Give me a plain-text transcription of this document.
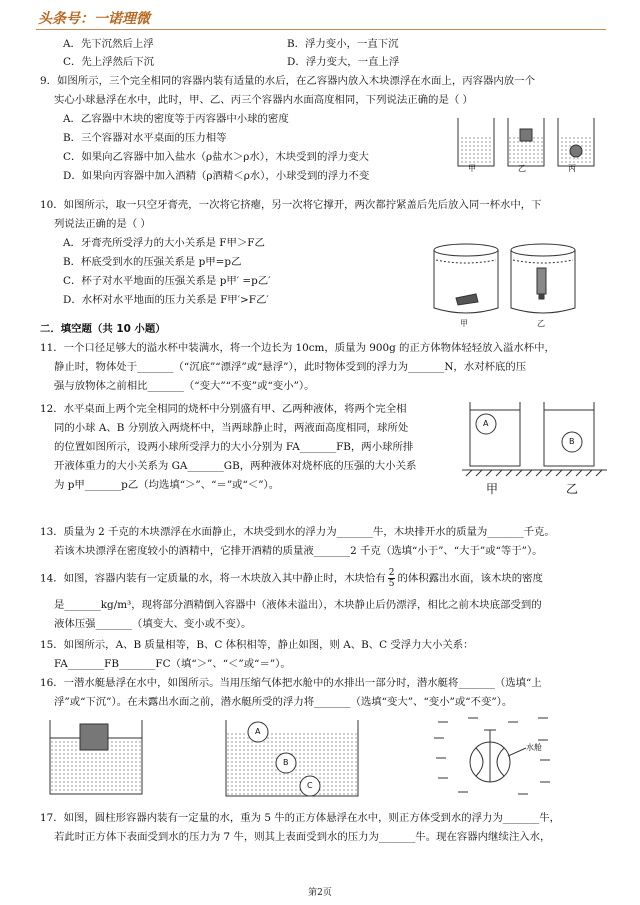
头条号：一诺理微
A．先下沉然后上浮	B．浮力变小，一直下沉
C．先上浮然后下沉	D．浮力变大，一直上浮
9．如图所示，三个完全相同的容器内装有适量的水后，在乙容器内放入木块漂浮在水面上，丙容器内放一个
实心小球悬浮在水中，此时，甲、乙、丙三个容器内水面高度相同，下列说法正确的是（ ）
A．乙容器中木块的密度等于丙容器中小球的密度
B．三个容器对水平桌面的压力相等
C．如果向乙容器中加入盐水（ρ盐水＞ρ水），木块受到的浮力变大
D．如果向丙容器中加入酒精（ρ酒精＜ρ水），小球受到的浮力不变
甲	乙	丙
10．如图所示，取一只空牙膏壳，一次将它挤瘪，另一次将它撑开，两次都拧紧盖后先后放入同一杯水中，下
列说法正确的是（ ）
A．牙膏壳所受浮力的大小关系是 F甲＞F乙
B．杯底受到水的压强关系是 p甲=p乙
C．杯子对水平地面的压强关系是 p甲′ =p乙′
D．水杯对水平地面的压力关系是 F甲′>F乙′
甲	乙
二．填空题（共 10 小题）
11．一个口径足够大的溢水杯中装满水，将一个边长为 10cm，质量为 900g 的正方体物体轻轻放入溢水杯中，
静止时，物体处于_______（“沉底”“漂浮”或“悬浮”），此时物体受到的浮力为_______N，水对杯底的压
强与放物体之前相比_______（“变大”“不变”或“变小”）。
12．水平桌面上两个完全相同的烧杯中分别盛有甲、乙两种液体，将两个完全相
同的小球 A、B 分别放入两烧杯中，当两球静止时，两液面高度相同，球所处
的位置如图所示，设两小球所受浮力的大小分别为 FA_______FB，两小球所排
开液体重力的大小关系为 GA_______GB，两种液体对烧杯底的压强的大小关系
为 p甲_______p乙（均选填“＞”、“＝”或“＜”）。
A
B
甲	乙
13．质量为 2 千克的木块漂浮在水面静止，木块受到水的浮力为_______牛，木块排开水的质量为_______千克。
若该木块漂浮在密度较小的酒精中，它排开酒精的质量液_______2 千克（选填“小于”、“大于”或“等于”）。
14．如图，容器内装有一定质量的水，将一木块放入其中静止时，木块恰有 $\frac{2}{5}$ 的体积露出水面，该木块的密度
是_______kg/m³，现将部分酒精倒入容器中（液体未溢出），木块静止后仍漂浮，相比之前木块底部受到的
液体压强_______（填变大、变小或不变）。
15．如图所示，A、B 质量相等，B、C 体积相等，静止如图，则 A、B、C 受浮力大小关系：
FA_______FB_______FC（填“＞”、“＜”或“＝”）。
16．一潜水艇悬浮在水中，如图所示。当用压缩气体把水舱中的水排出一部分时，潜水艇将_______（选填“上
浮”或“下沉”）。在未露出水面之前，潜水艇所受的浮力将_______（选填“变大”、“变小”或“不变”）。
A
B
C
水舱
17．如图，圆柱形容器内装有一定量的水，重为 5 牛的正方体悬浮在水中，则正方体受到水的浮力为_______牛，
若此时正方体下表面受到水的压力为 7 牛，则其上表面受到水的压力为_______牛。现在容器内继续注入水，
第2页
